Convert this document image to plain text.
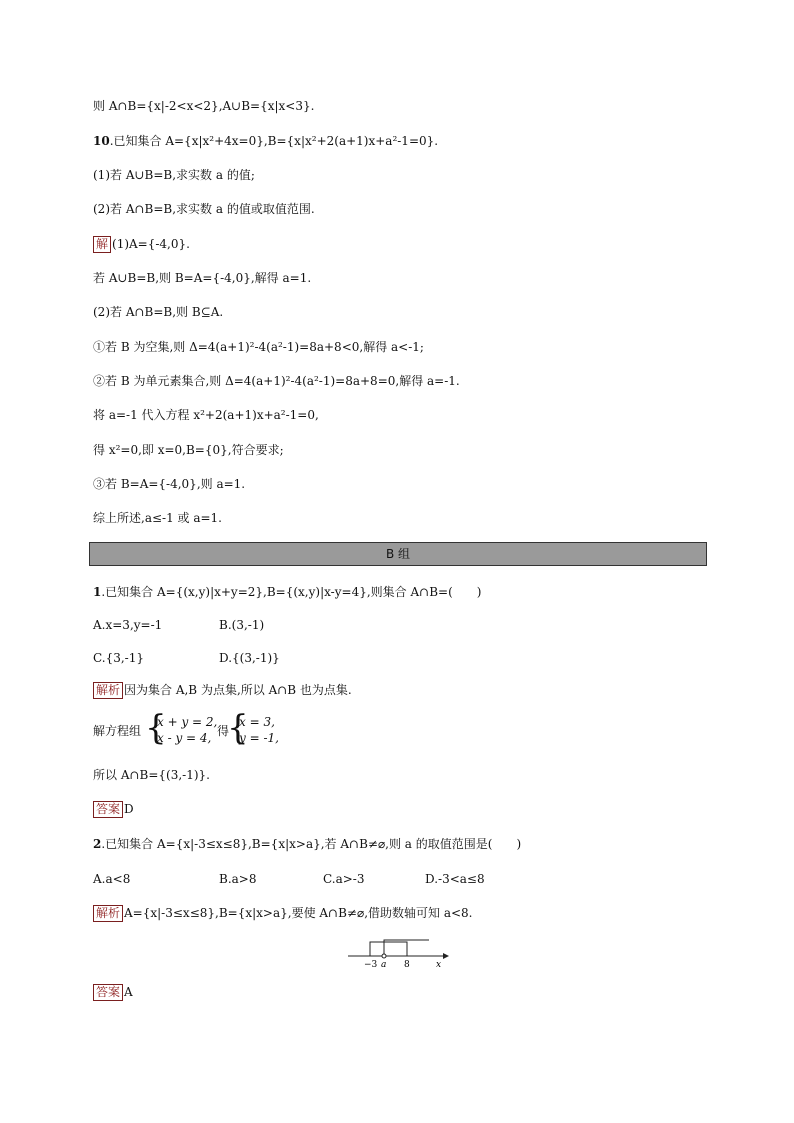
则 A∩B={x|-2<x<2},A∪B={x|x<3}.
10.已知集合 A={x|x²+4x=0},B={x|x²+2(a+1)x+a²-1=0}.
(1)若 A∪B=B,求实数 a 的值;
(2)若 A∩B=B,求实数 a 的值或取值范围.
解 (1)A={-4,0}.
若 A∪B=B,则 B=A={-4,0},解得 a=1.
(2)若 A∩B=B,则 B⊆A.
①若 B 为空集,则 Δ=4(a+1)²-4(a²-1)=8a+8<0,解得 a<-1;
②若 B 为单元素集合,则 Δ=4(a+1)²-4(a²-1)=8a+8=0,解得 a=-1.
将 a=-1 代入方程 x²+2(a+1)x+a²-1=0,
得 x²=0,即 x=0,B={0},符合要求;
③若 B=A={-4,0},则 a=1.
综上所述,a≤-1 或 a=1.
B 组
1.已知集合 A={(x,y)|x+y=2},B={(x,y)|x-y=4},则集合 A∩B=(　　)
A.x=3,y=-1	B.(3,-1)
C.{3,-1}	D.{(3,-1)}
解析 因为集合 A,B 为点集,所以 A∩B 也为点集.
解方程组 {
x + y = 2,
x - y = 4, 得
{
x = 3,
y = -1,
所以 A∩B={(3,-1)}.
答案 D
2.已知集合 A={x|-3≤x≤8},B={x|x>a},若 A∩B≠⌀,则 a 的取值范围是(　　)
A.a<8	B.a>8	C.a>-3	D.-3<a≤8
解析 A={x|-3≤x≤8},B={x|x>a},要使 A∩B≠⌀,借助数轴可知 a<8.
−3 a 8	x
答案 A
